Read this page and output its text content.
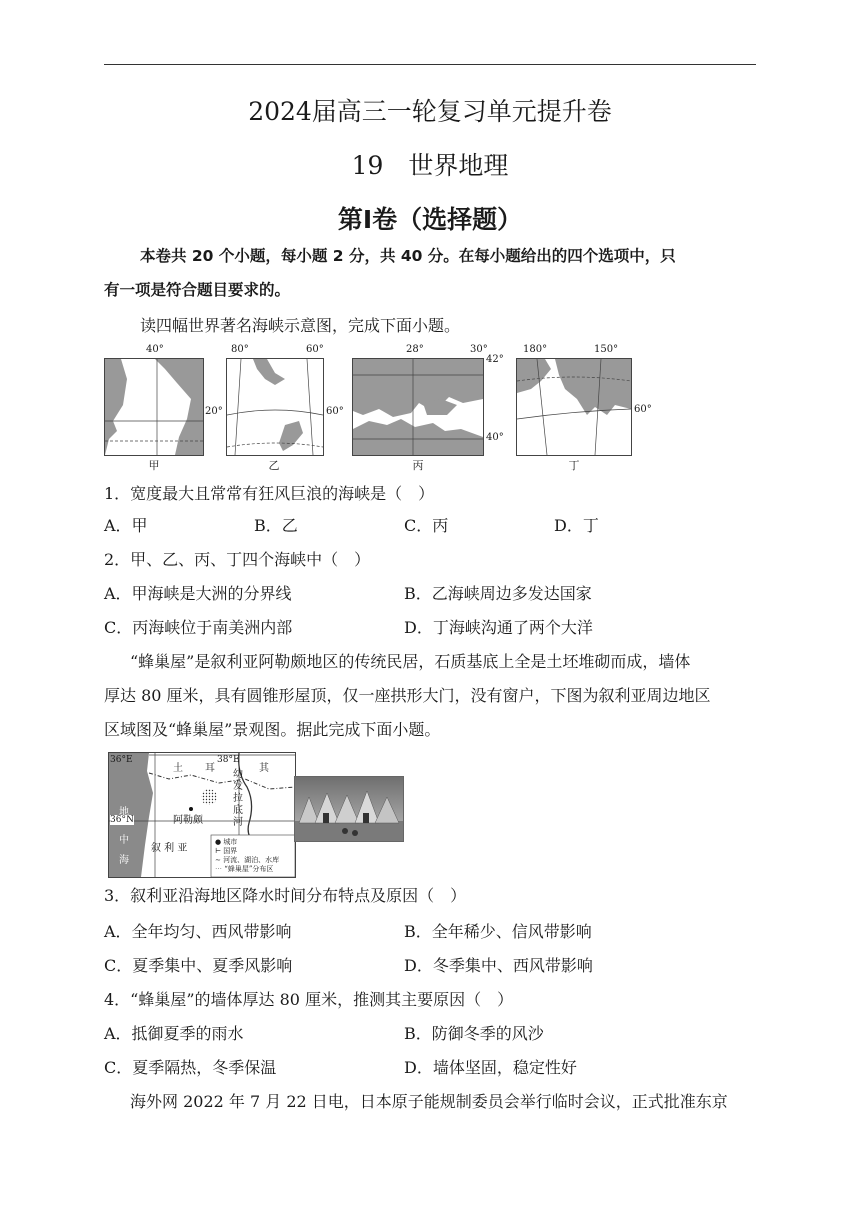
2024届高三一轮复习单元提升卷
19　世界地理
第Ⅰ卷（选择题）
本卷共 20 个小题，每小题 2 分，共 40 分。在每小题给出的四个选项中，只
有一项是符合题目要求的。
读四幅世界著名海峡示意图，完成下面小题。
40°
20°
甲
80°	60°
60°
乙
28°	30°
42°
40°
丙
180°	150°
60°
丁
1．宽度最大且常常有狂风巨浪的海峡是（　）
A．甲	B．乙	C．丙	D．丁
2．甲、乙、丙、丁四个海峡中（　）
A．甲海峡是大洲的分界线	B．乙海峡周边多发达国家
C．丙海峡位于南美洲内部	D．丁海峡沟通了两个大洋
“蜂巢屋”是叙利亚阿勒颇地区的传统民居，石质基底上全是土坯堆砌而成，墙体
厚达 80 厘米，具有圆锥形屋顶，仅一座拱形大门，没有窗户，下图为叙利亚周边地区
区域图及“蜂巢屋”景观图。据此完成下面小题。
36°E	38°E
36°N
土 耳	其
幼
发
拉
底
河
地
中
海
阿勒颇
叙 利 亚
● 城市
⊢ 国界
∼ 河流、湖泊、水库
⋯ “蜂巢屋”分布区
3．叙利亚沿海地区降水时间分布特点及原因（　）
A．全年均匀、西风带影响	B．全年稀少、信风带影响
C．夏季集中、夏季风影响	D．冬季集中、西风带影响
4．“蜂巢屋”的墙体厚达 80 厘米，推测其主要原因（　）
A．抵御夏季的雨水	B．防御冬季的风沙
C．夏季隔热，冬季保温	D．墙体坚固，稳定性好
海外网 2022 年 7 月 22 日电，日本原子能规制委员会举行临时会议，正式批准东京
